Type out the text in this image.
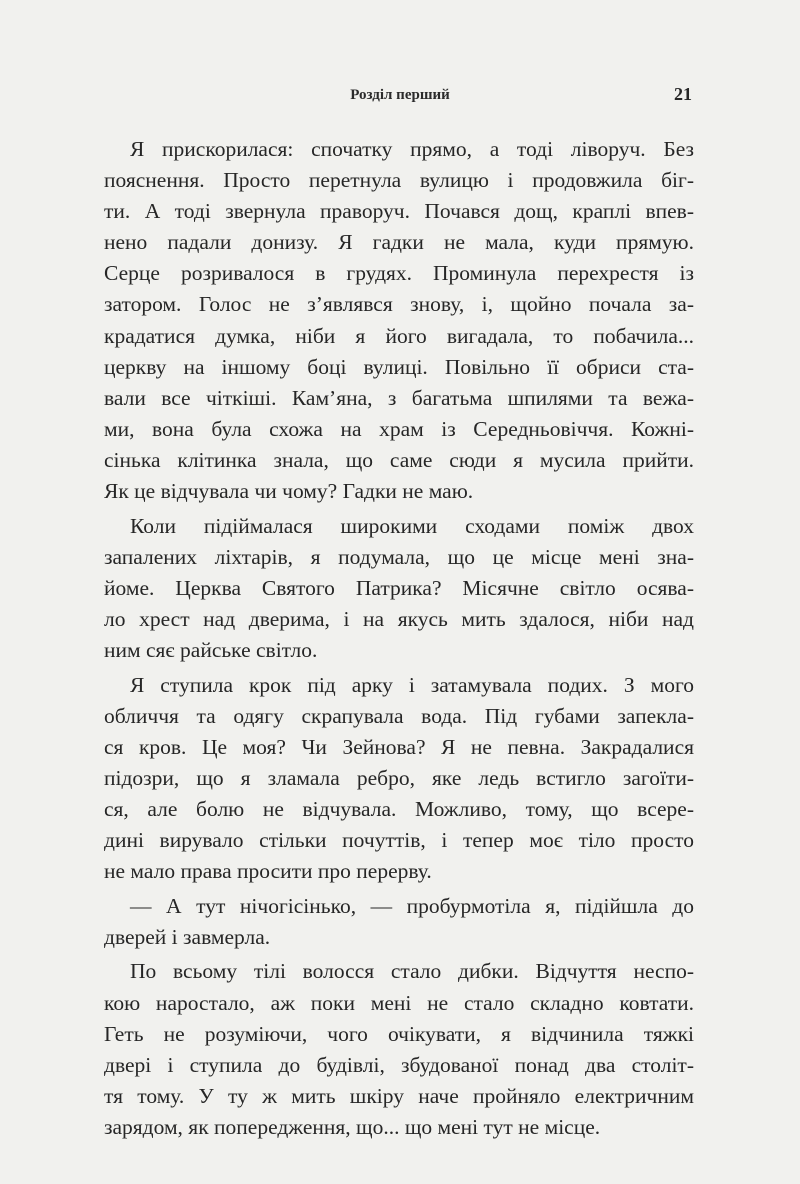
Розділ перший	21
Я прискорилася: спочатку прямо, а тоді ліворуч. Без
пояснення. Просто перетнула вулицю і продовжила біг-
ти. А тоді звернула праворуч. Почався дощ, краплі впев-
нено падали донизу. Я гадки не мала, куди прямую.
Серце розривалося в грудях. Проминула перехрестя із
затором. Голос не з’являвся знову, і, щойно почала за-
крадатися думка, ніби я його вигадала, то побачила...
церкву на іншому боці вулиці. Повільно її обриси ста-
вали все чіткіші. Кам’яна, з багатьма шпилями та вежа-
ми, вона була схожа на храм із Середньовіччя. Кожні-
сінька клітинка знала, що саме сюди я мусила прийти.
Як це відчувала чи чому? Гадки не маю.
Коли підіймалася широкими сходами поміж двох
запалених ліхтарів, я подумала, що це місце мені зна-
йоме. Церква Святого Патрика? Місячне світло осява-
ло хрест над дверима, і на якусь мить здалося, ніби над
ним сяє райське світло.
Я ступила крок під арку і затамувала подих. З мого
обличчя та одягу скрапувала вода. Під губами запекла-
ся кров. Це моя? Чи Зейнова? Я не певна. Закрадалися
підозри, що я зламала ребро, яке ледь встигло загоїти-
ся, але болю не відчувала. Можливо, тому, що всере-
дині вирувало стільки почуттів, і тепер моє тіло просто
не мало права просити про перерву.
— А тут нічогісінько, — пробурмотіла я, підійшла до
дверей і завмерла.
По всьому тілі волосся стало дибки. Відчуття неспо-
кою наростало, аж поки мені не стало складно ковтати.
Геть не розуміючи, чого очікувати, я відчинила тяжкі
двері і ступила до будівлі, збудованої понад два століт-
тя тому. У ту ж мить шкіру наче пройняло електричним
зарядом, як попередження, що... що мені тут не місце.
